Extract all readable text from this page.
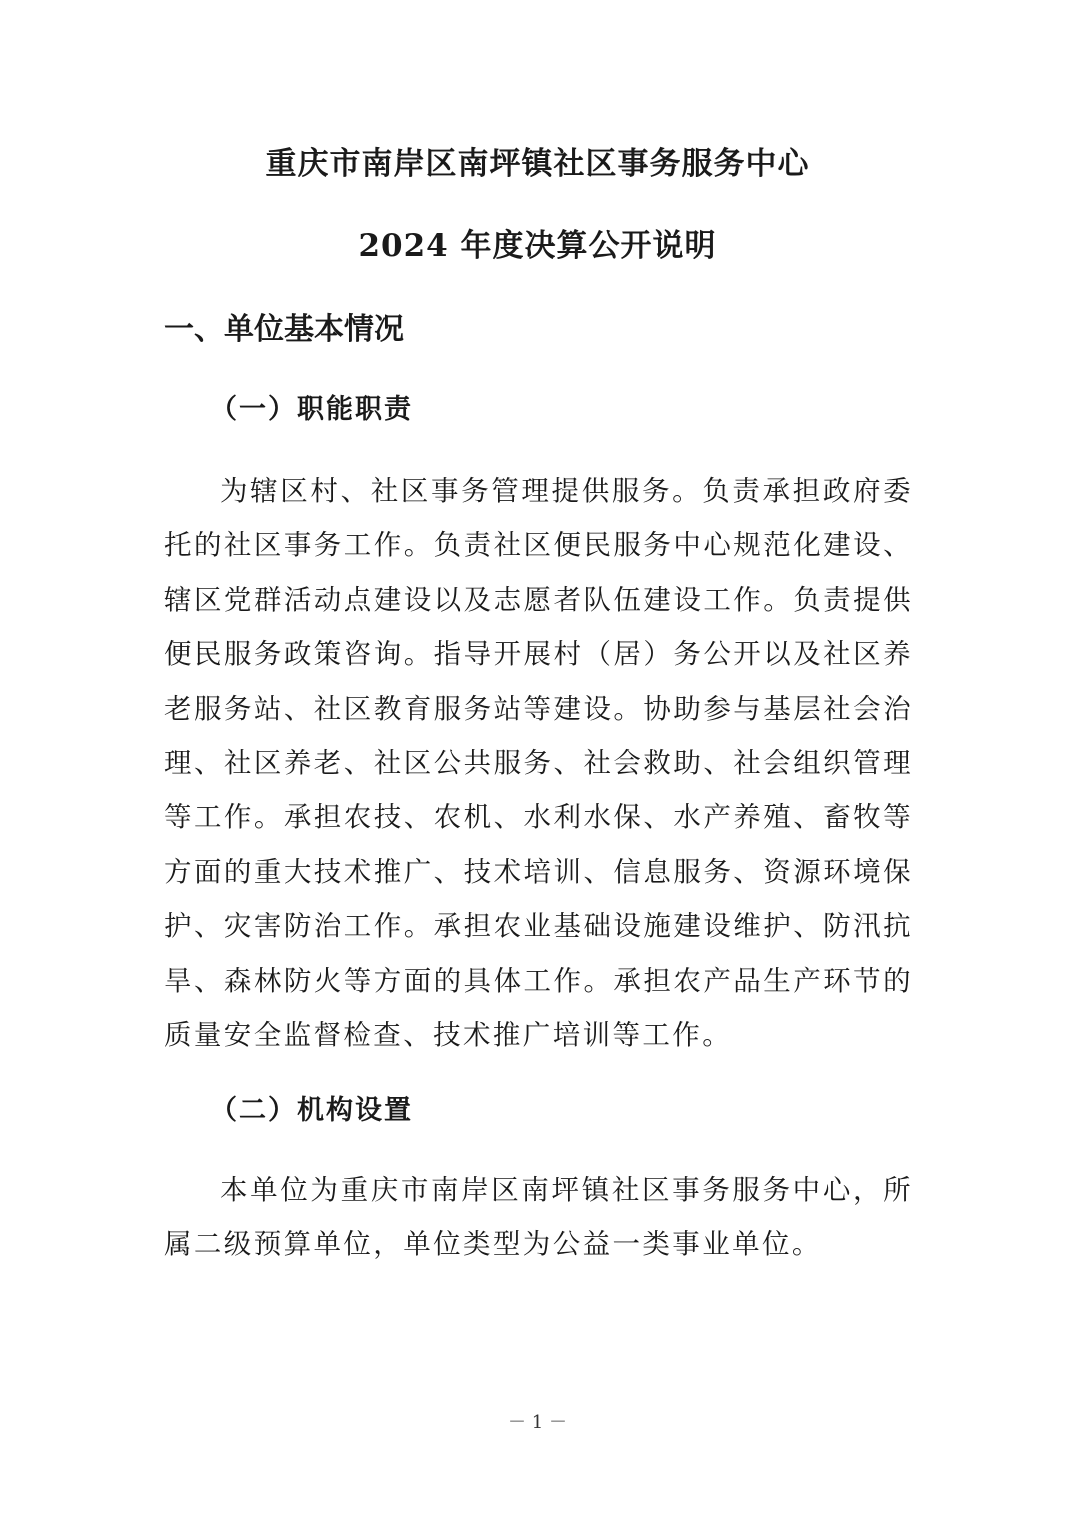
重庆市南岸区南坪镇社区事务服务中心
2024 年度决算公开说明
一、单位基本情况
（一）职能职责

为辖区村、社区事务管理提供服务。负责承担政府委托的社区事务工作。负责社区便民服务中心规范化建设、辖区党群活动点建设以及志愿者队伍建设工作。负责提供便民服务政策咨询。指导开展村（居）务公开以及社区养老服务站、社区教育服务站等建设。协助参与基层社会治理、社区养老、社区公共服务、社会救助、社会组织管理等工作。承担农技、农机、水利水保、水产养殖、畜牧等方面的重大技术推广、技术培训、信息服务、资源环境保护、灾害防治工作。承担农业基础设施建设维护、防汛抗旱、森林防火等方面的具体工作。承担农产品生产环节的质量安全监督检查、技术推广培训等工作。

（二）机构设置

本单位为重庆市南岸区南坪镇社区事务服务中心，所属二级预算单位，单位类型为公益一类事业单位。

－ 1 －
